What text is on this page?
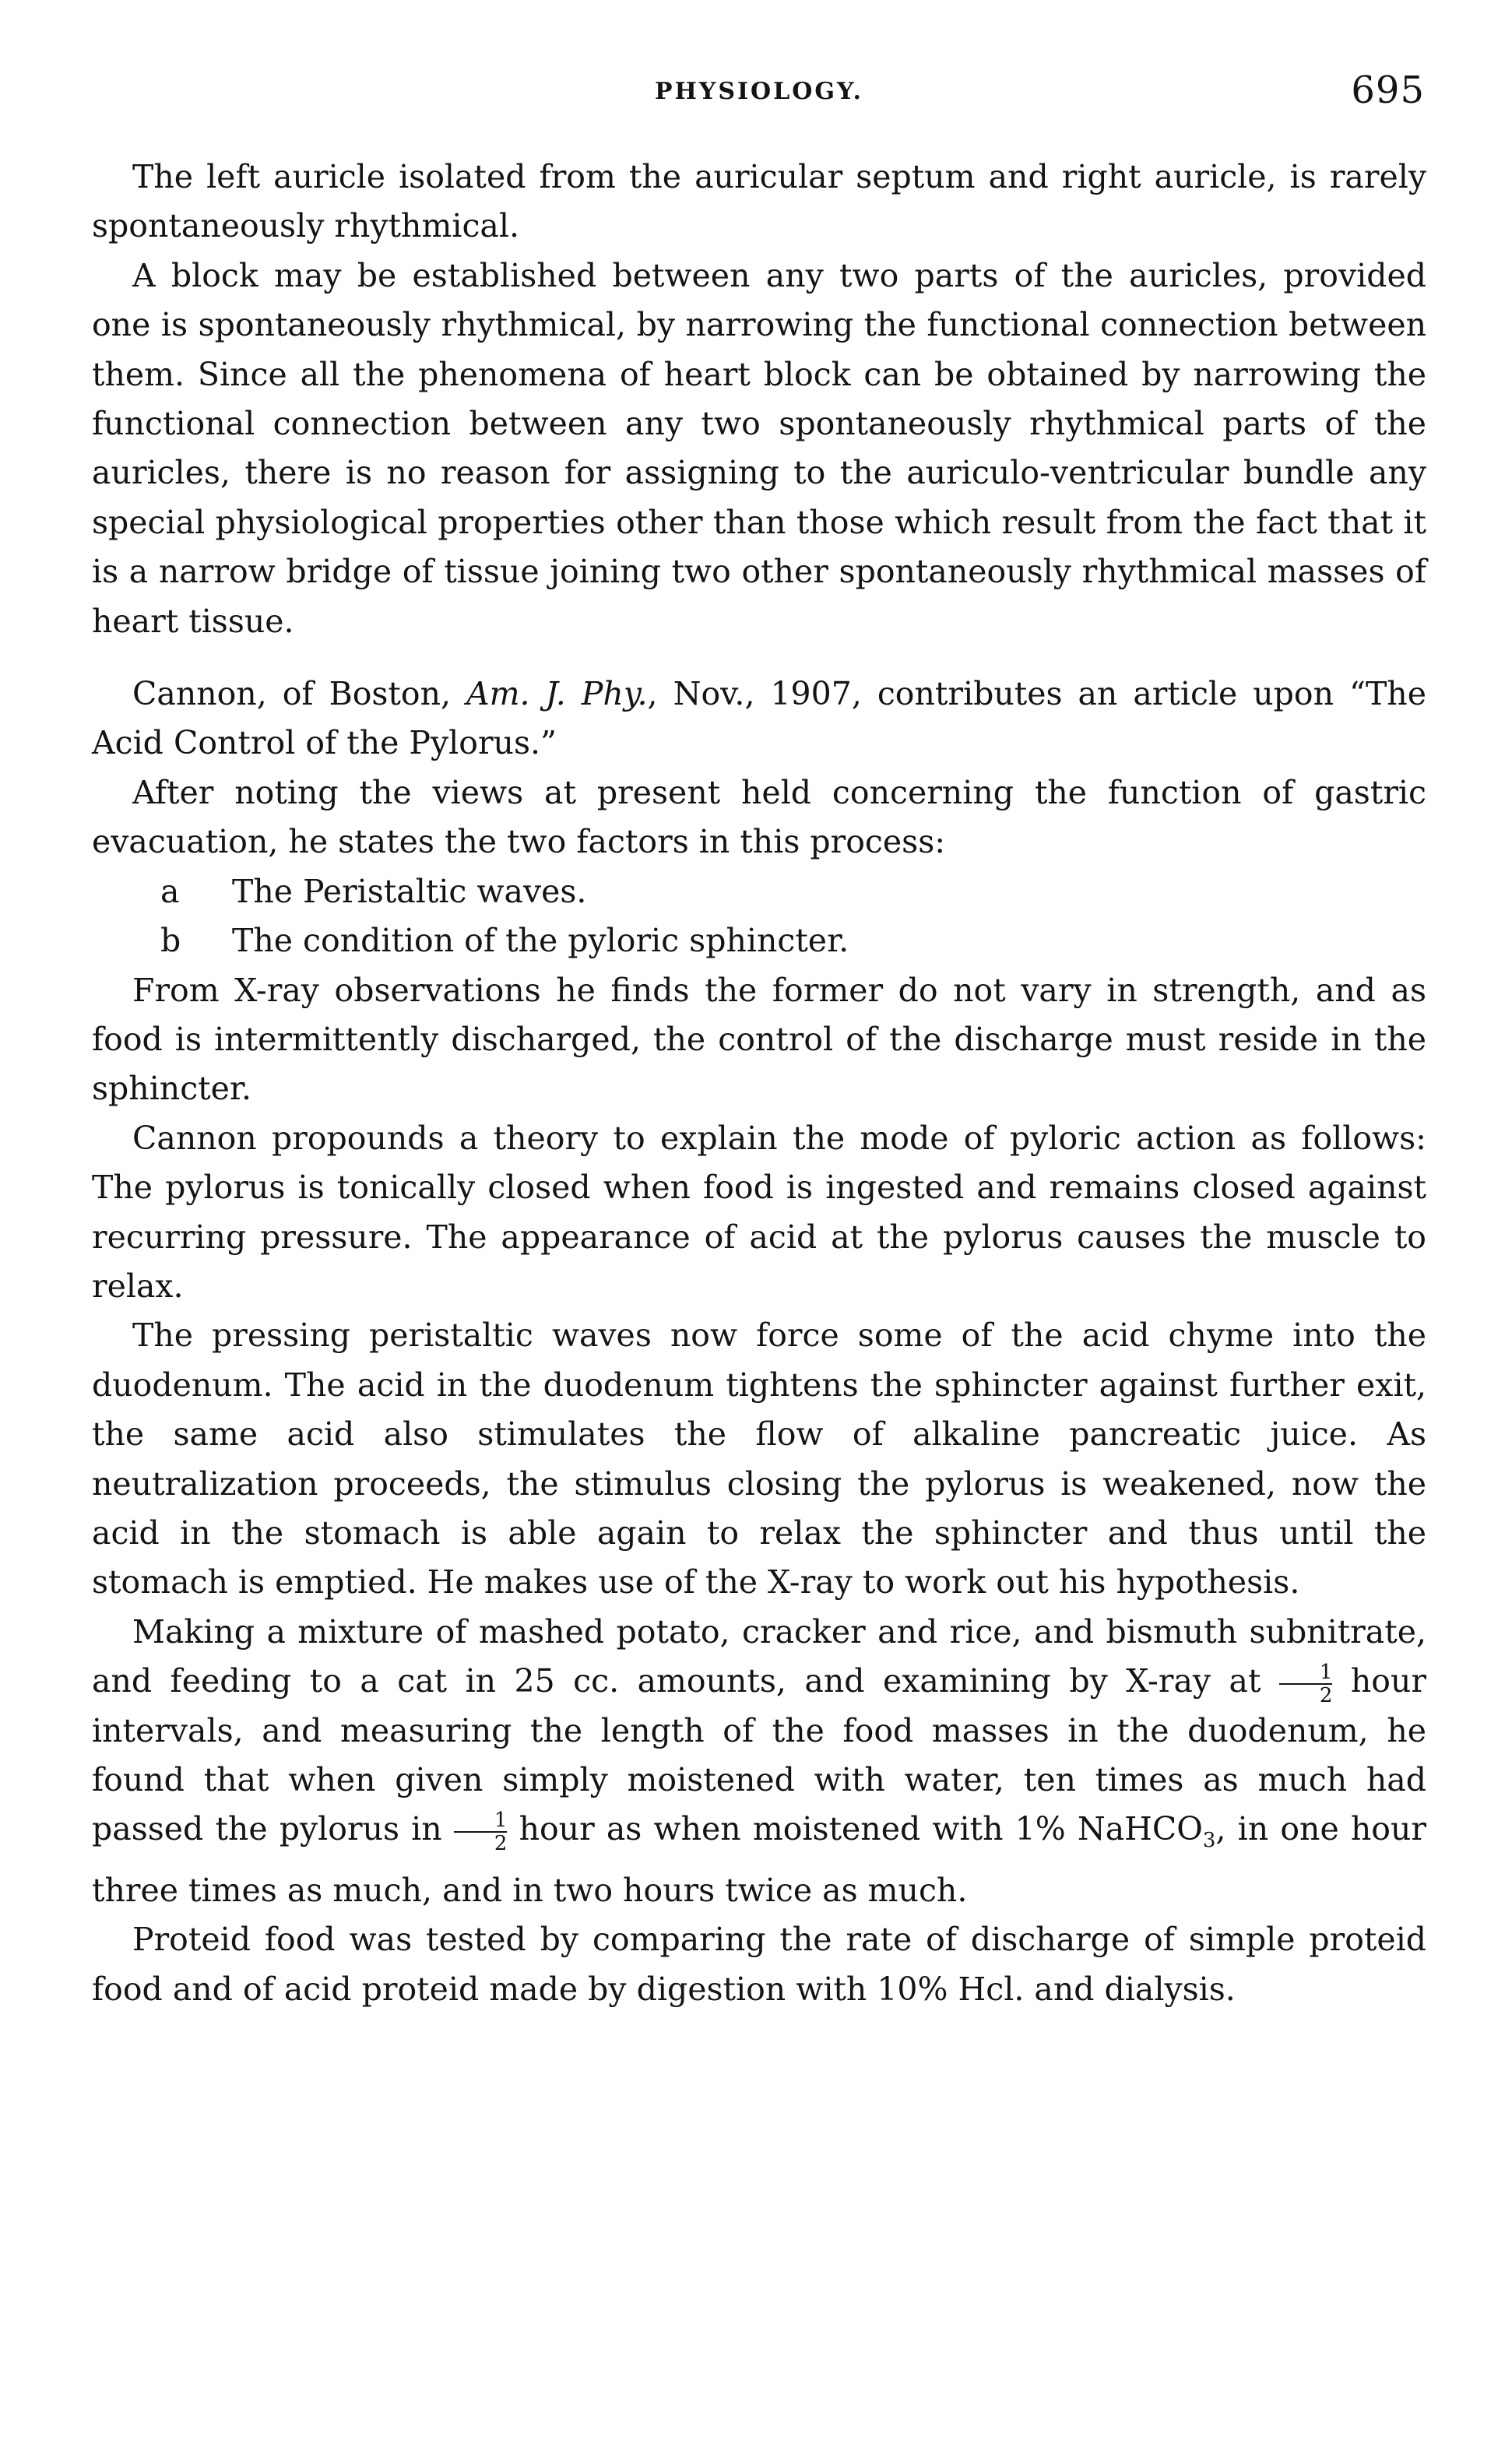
PHYSIOLOGY.	695

The left auricle isolated from the auricular septum and right auricle, is rarely spontaneously rhythmical.

A block may be established between any two parts of the auricles, provided one is spontaneously rhythmical, by narrowing the functional connection between them. Since all the phenomena of heart block can be obtained by narrowing the functional connection between any two spontaneously rhythmical parts of the auricles, there is no reason for assigning to the auriculo-ventricular bundle any special physiological properties other than those which result from the fact that it is a narrow bridge of tissue joining two other spontaneously rhythmical masses of heart tissue.

Cannon, of Boston, Am. J. Phy., Nov., 1907, contributes an article upon “The Acid Control of the Pylorus.”

After noting the views at present held concerning the function of gastric evacuation, he states the two factors in this process:

a	The Peristaltic waves.
b	The condition of the pyloric sphincter.

From X-ray observations he finds the former do not vary in strength, and as food is intermittently discharged, the control of the discharge must reside in the sphincter.

Cannon propounds a theory to explain the mode of pyloric action as follows: The pylorus is tonically closed when food is ingested and remains closed against recurring pressure. The appearance of acid at the pylorus causes the muscle to relax.

The pressing peristaltic waves now force some of the acid chyme into the duodenum. The acid in the duodenum tightens the sphincter against further exit, the same acid also stimulates the flow of alkaline pancreatic juice. As neutralization proceeds, the stimulus closing the pylorus is weakened, now the acid in the stomach is able again to relax the sphincter and thus until the stomach is emptied. He makes use of the X-ray to work out his hypothesis.

Making a mixture of mashed potato, cracker and rice, and bismuth subnitrate, and feeding to a cat in 25 cc. amounts, and examining by X-ray at $\frac{1}{2}$ hour intervals, and measuring the length of the food masses in the duodenum, he found that when given simply moistened with water, ten times as much had passed the pylorus in $\frac{1}{2}$ hour as when moistened with 1% NaHCO$_3$, in one hour three times as much, and in two hours twice as much.

Proteid food was tested by comparing the rate of discharge of simple proteid food and of acid proteid made by digestion with 10% Hcl. and dialysis.
